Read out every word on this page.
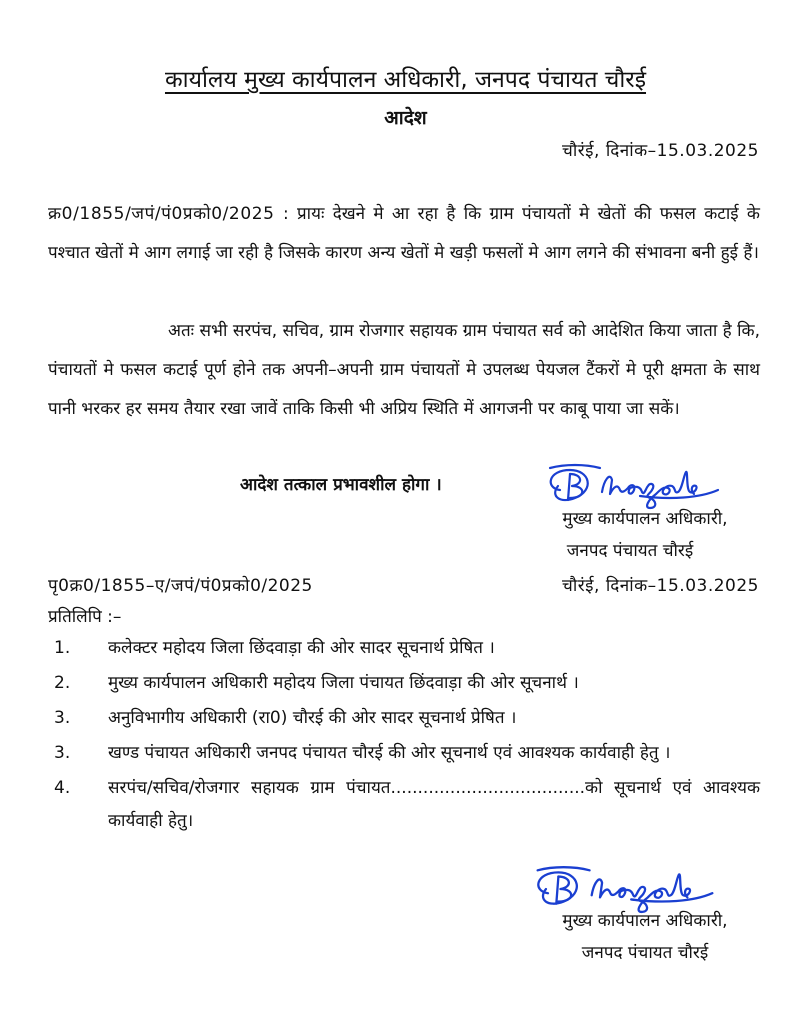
कार्यालय मुख्य कार्यपालन अधिकारी, जनपद पंचायत चौरई
आदेश
चौरंई, दिनांक–15.03.2025
क्र0/1855/जपं/पं0प्रको0/2025 : प्रायः देखने मे आ रहा है कि ग्राम पंचायतों मे खेतों की फसल कटाई के पश्चात खेतों मे आग लगाई जा रही है जिसके कारण अन्य खेतों मे खड़ी फसलों मे आग लगने की संभावना बनी हुई हैं।
अतः सभी सरपंच, सचिव, ग्राम रोजगार सहायक ग्राम पंचायत सर्व को आदेशित किया जाता है कि, पंचायतों मे फसल कटाई पूर्ण होने तक अपनी–अपनी ग्राम पंचायतों मे उपलब्ध पेयजल टैंकरों मे पूरी क्षमता के साथ पानी भरकर हर समय तैयार रखा जावें ताकि किसी भी अप्रिय स्थिति में आगजनी पर काबू पाया जा सकें।
आदेश तत्काल प्रभावशील होगा ।
मुख्य कार्यपालन अधिकारी,
जनपद पंचायत चौरई
पृ0क्र0/1855–ए/जपं/पं0प्रको0/2025	चौरंई, दिनांक–15.03.2025
प्रतिलिपि :–
1.	कलेक्टर महोदय जिला छिंदवाड़ा की ओर सादर सूचनार्थ प्रेषित ।
2.	मुख्य कार्यपालन अधिकारी महोदय जिला पंचायत छिंदवाड़ा की ओर सूचनार्थ ।
3.	अनुविभागीय अधिकारी (रा0) चौरई की ओर सादर सूचनार्थ प्रेषित ।
3.	खण्ड पंचायत अधिकारी जनपद पंचायत चौरई की ओर सूचनार्थ एवं आवश्यक कार्यवाही हेतु ।
4.	सरपंच/सचिव/रोजगार सहायक ग्राम पंचायत....................................को सूचनार्थ एवं आवश्यक कार्यवाही हेतु।
मुख्य कार्यपालन अधिकारी,
जनपद पंचायत चौरई
